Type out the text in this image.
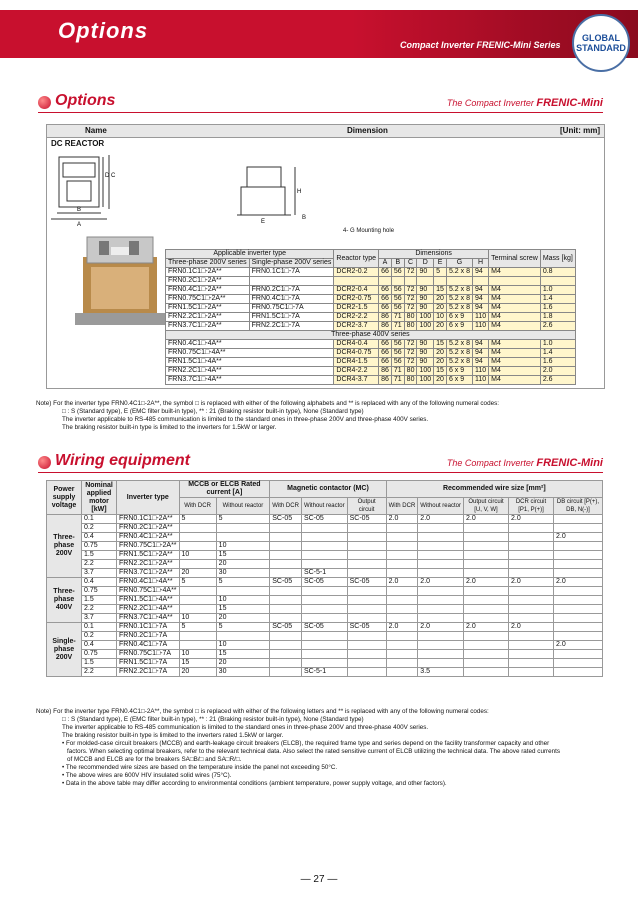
Options
Compact Inverter FRENIC-Mini Series
GLOBAL
STANDARD
Options	The Compact Inverter FRENIC-Mini
Name	Dimension	[Unit: mm]
DC REACTOR
D C
B
A

B
4- G Mounting hole
H
E
Applicable inverter type		Reactor type	Dimensions							Terminal screw	Mass [kg]
Three-phase 200V series	Single-phase 200V series		A	B	C	D	E	G	H		
FRN0.1C1□-2A**	FRN0.1C1□-7A	DCR2-0.2	66	56	72	90	5	5.2 x 8	94	M4	0.8
FRN0.2C1□-2A**											
FRN0.4C1□-2A**	FRN0.2C1□-7A	DCR2-0.4	66	56	72	90	15	5.2 x 8	94	M4	1.0
FRN0.75C1□-2A**	FRN0.4C1□-7A	DCR2-0.75	66	56	72	90	20	5.2 x 8	94	M4	1.4
FRN1.5C1□-2A**	FRN0.75C1□-7A	DCR2-1.5	66	56	72	90	20	5.2 x 8	94	M4	1.6
FRN2.2C1□-2A**	FRN1.5C1□-7A	DCR2-2.2	86	71	80	100	10	6 x 9	110	M4	1.8
FRN3.7C1□-2A**	FRN2.2C1□-7A	DCR2-3.7	86	71	80	100	20	6 x 9	110	M4	2.6
Three-phase 400V series											
FRN0.4C1□-4A**		DCR4-0.4	66	56	72	90	15	5.2 x 8	94	M4	1.0
FRN0.75C1□-4A**		DCR4-0.75	66	56	72	90	20	5.2 x 8	94	M4	1.4
FRN1.5C1□-4A**		DCR4-1.5	66	56	72	90	20	5.2 x 8	94	M4	1.6
FRN2.2C1□-4A**		DCR4-2.2	86	71	80	100	15	6 x 9	110	M4	2.0
FRN3.7C1□-4A**		DCR4-3.7	86	71	80	100	20	6 x 9	110	M4	2.6
Note) For the inverter type FRN0.4C1□-2A**, the symbol □ is replaced with either of the following alphabets and ** is replaced with any of the following numeral codes:
□ : S (Standard type), E (EMC filter built-in type), ** : 21 (Braking resistor built-in type), None (Standard type)
The inverter applicable to RS-485 communication is limited to the standard ones in three-phase 200V and three-phase 400V series.
The braking resistor built-in type is limited to the inverters for 1.5kW or larger.
Wiring equipment	The Compact Inverter FRENIC-Mini
Power supply voltage	Nominal applied motor [kW]	Inverter type	MCCB or ELCB Rated current [A]		Magnetic contactor (MC)			Recommended wire size [mm²]				
			With DCR	Without reactor	With DCR	Without reactor	Output circuit	With DCR	Without reactor	Output circuit [U, V, W]	DCR circuit [P1, P(+)]	DB circuit [P(+), DB, N(-)]
Three-phase 200V	0.1	FRN0.1C1□-2A**	5	5	SC-05	SC-05	SC-05	2.0	2.0	2.0	2.0	
	0.2	FRN0.2C1□-2A**										
	0.4	FRN0.4C1□-2A**										2.0
	0.75	FRN0.75C1□-2A**		10								
	1.5	FRN1.5C1□-2A**	10	15								
	2.2	FRN2.2C1□-2A**		20								
	3.7	FRN3.7C1□-2A**	20	30		SC-5-1						
Three-phase 400V	0.4	FRN0.4C1□-4A**	5	5	SC-05	SC-05	SC-05	2.0	2.0	2.0	2.0	2.0
	0.75	FRN0.75C1□-4A**										
	1.5	FRN1.5C1□-4A**		10								
	2.2	FRN2.2C1□-4A**		15								
	3.7	FRN3.7C1□-4A**	10	20								
Single-phase 200V	0.1	FRN0.1C1□-7A	5	5	SC-05	SC-05	SC-05	2.0	2.0	2.0	2.0	
	0.2	FRN0.2C1□-7A										
	0.4	FRN0.4C1□-7A		10								2.0
	0.75	FRN0.75C1□-7A	10	15								
	1.5	FRN1.5C1□-7A	15	20								
	2.2	FRN2.2C1□-7A	20	30		SC-5-1			3.5			
Note) For the inverter type FRN0.4C1□-2A**, the symbol □ is replaced with either of the following letters and ** is replaced with any of the following numeral codes:
□ : S (Standard type), E (EMC filter built-in type), ** : 21 (Braking resistor built-in type), None (Standard type)
The inverter applicable to RS-485 communication is limited to the standard ones in three-phase 200V and three-phase 400V series.
The braking resistor built-in type is limited to the inverters rated 1.5kW or larger.
• For molded-case circuit breakers (MCCB) and earth-leakage circuit breakers (ELCB), the required frame type and series depend on the facility transformer capacity and other
factors. When selecting optimal breakers, refer to the relevant technical data. Also select the rated sensitive current of ELCB utilizing the technical data. The above rated currents
of MCCB and ELCB are for the breakers SA□B/□ and SA□R/□.
• The recommended wire sizes are based on the temperature inside the panel not exceeding 50°C.
• The above wires are 600V HIV insulated solid wires (75°C).
• Data in the above table may differ according to environmental conditions (ambient temperature, power supply voltage, and other factors).
― 27 ―
